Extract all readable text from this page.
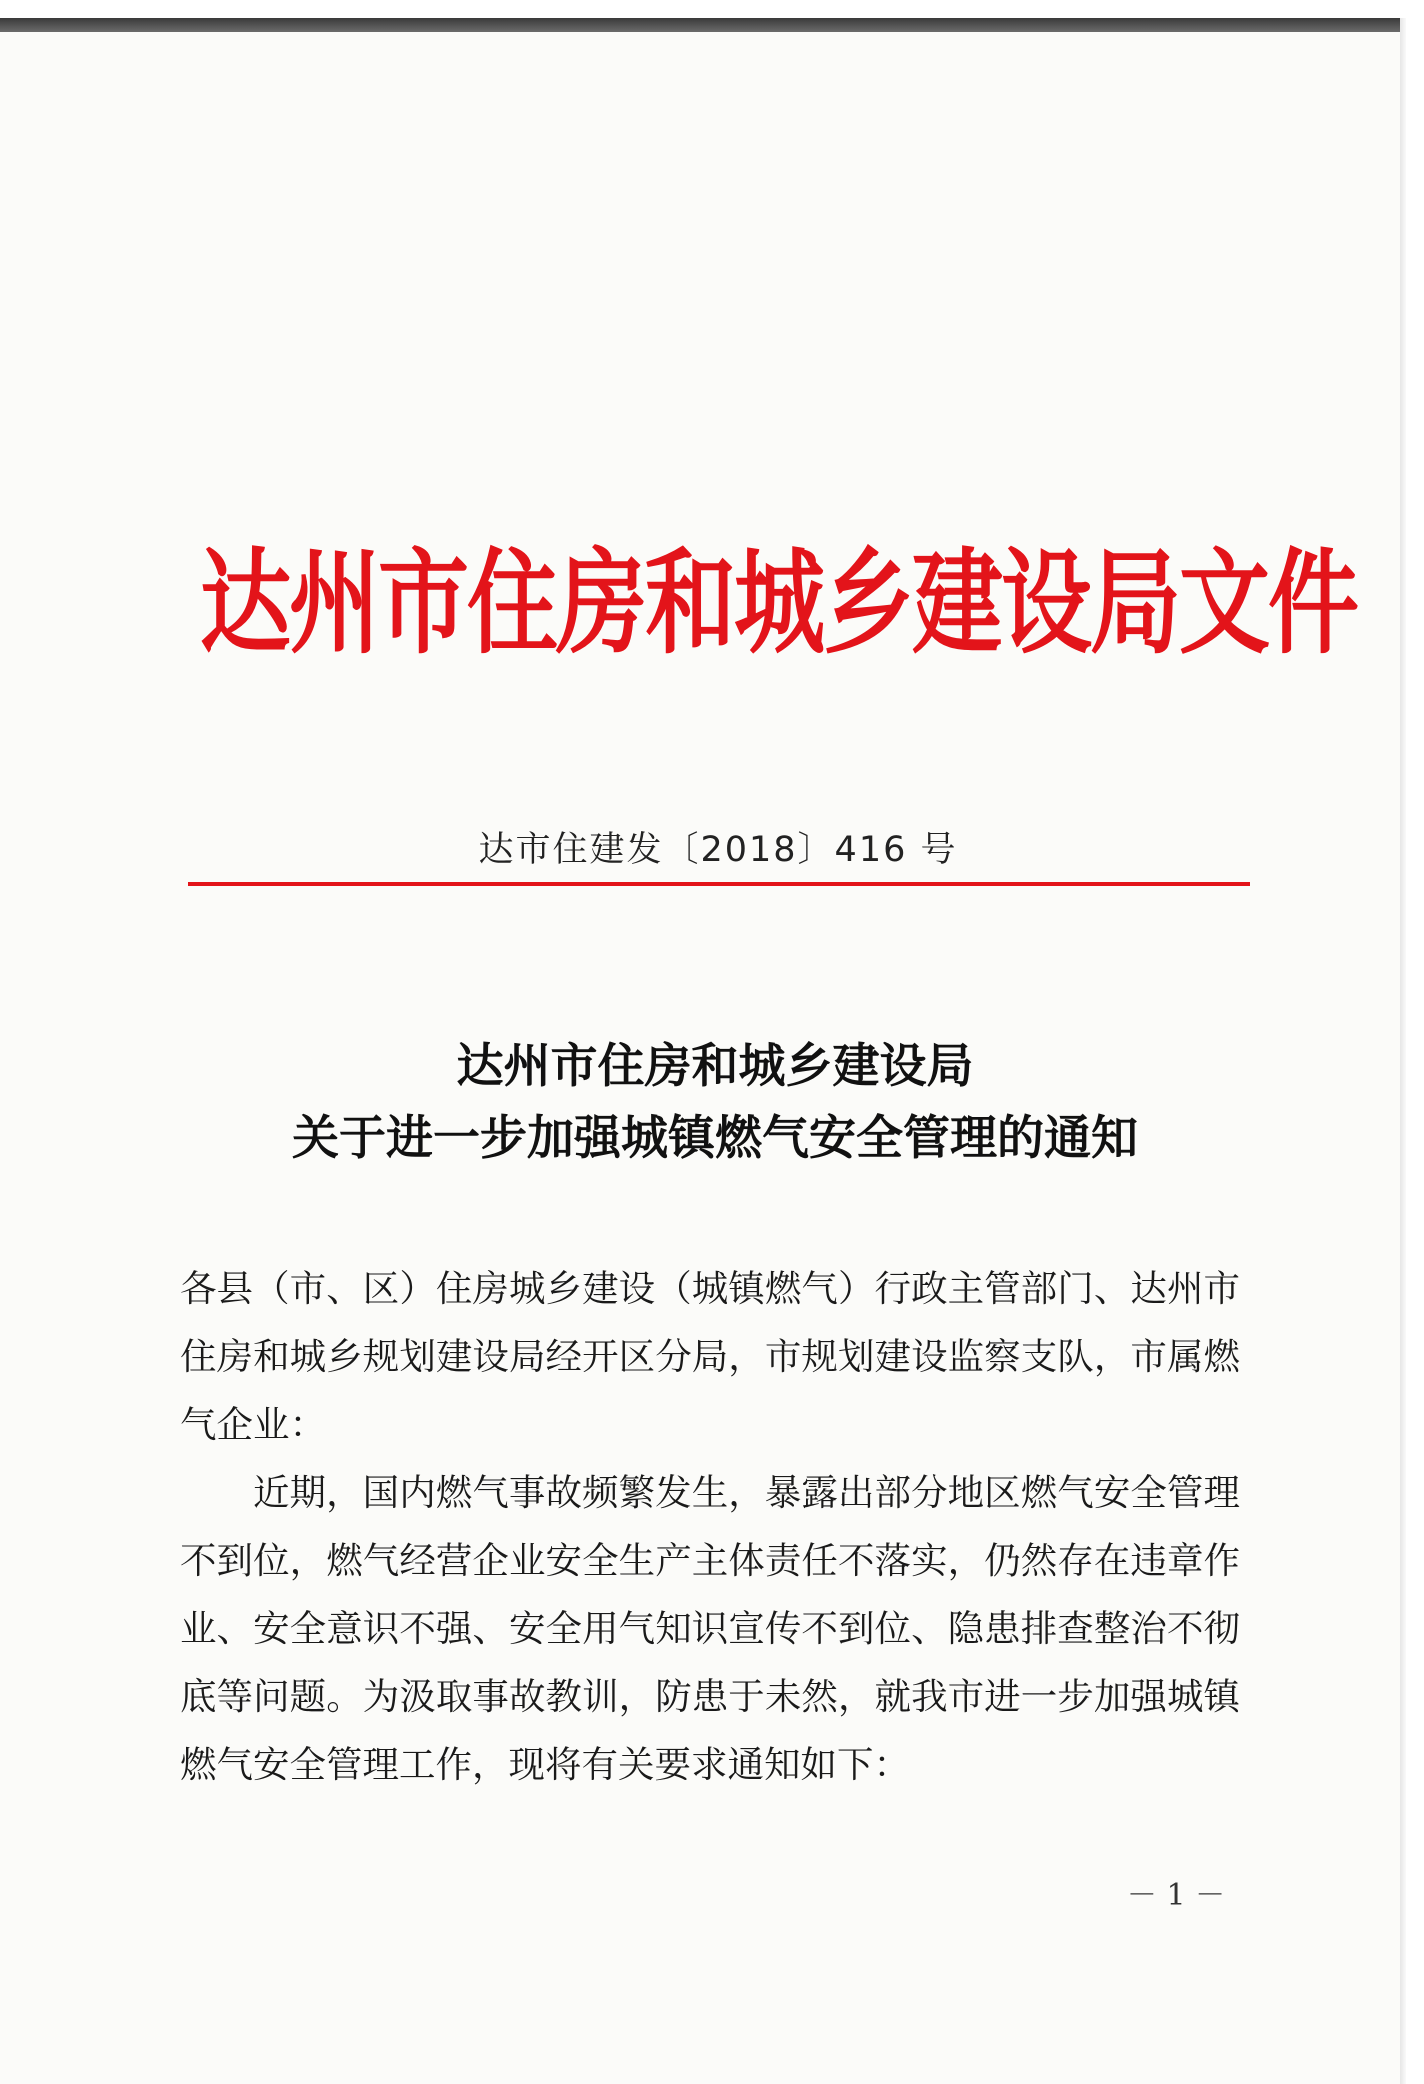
达州市住房和城乡建设局文件
达市住建发〔2018〕416 号
达州市住房和城乡建设局
关于进一步加强城镇燃气安全管理的通知

各县（市、区）住房城乡建设（城镇燃气）行政主管部门、达州市住房和城乡规划建设局经开区分局，市规划建设监察支队，市属燃气企业：

近期，国内燃气事故频繁发生，暴露出部分地区燃气安全管理不到位，燃气经营企业安全生产主体责任不落实，仍然存在违章作业、安全意识不强、安全用气知识宣传不到位、隐患排查整治不彻底等问题。为汲取事故教训，防患于未然，就我市进一步加强城镇燃气安全管理工作，现将有关要求通知如下：

－ 1 －
